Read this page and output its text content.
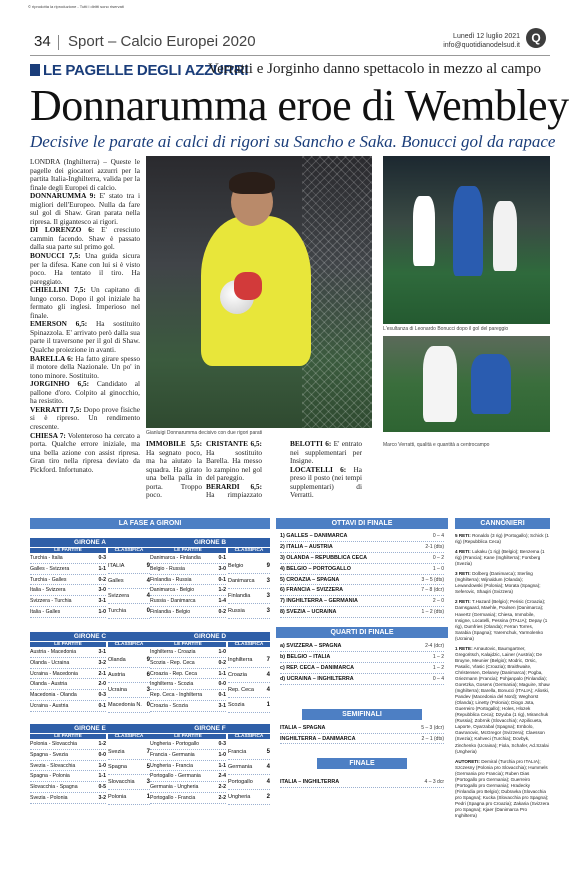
© riprodotta la riproduzione - Tutti i diritti sono riservati
34 Sport – Calcio Europei 2020	Lunedì 12 luglio 2021
info@quotidianodelsud.it
Q
LE PAGELLE DEGLI AZZURRI
Verratti e Jorginho danno spettacolo in mezzo al campo
Donnarumma eroe di Wembley
Decisive le parate ai calci di rigori su Sancho e Saka. Bonucci gol da rapace
LONDRA (Inghilterra) – Queste le pagelle dei giocatori azzurri per la partita Italia-Inghilterra, valida per la finale degli Europei di calcio.
DONNARUMMA 9: E' stato tra i migliori dell'Europeo. Nulla da fare sul gol di Shaw. Gran parata nella ripresa. Il gigantesco ai rigori.
DI LORENZO 6: E' cresciuto cammin facendo. Shaw è passato dalla sua parte sul primo gol.
BONUCCI 7,5: Una guida sicura per la difesa. Kane con lui si è visto poco. Ha tentato il tiro. Ha pareggiato.
CHIELLINI 7,5: Un capitano di lungo corso. Dopo il gol iniziale ha fermato gli inglesi. Imperioso nel finale.
EMERSON 6,5: Ha sostituito Spinazzola. E' arrivato però dalla sua parte il traversone per il gol di Shaw. Qualche proiezione in avanti.
BARELLA 6: Ha fatto girare spesso il motore della Nazionale. Un po' in tono minore. Sostituito.
JORGINHO 6,5: Candidato al pallone d'oro. Colpito al ginocchio, ha resistito.
VERRATTI 7,5: Dopo prove fisiche si è ripreso. Un rendimento crescente.
CHIESA 7: Volenteroso ha cercato a porta. Qualche errore iniziale, ma una bella azione con assist ripresa. Gran tiro nella ripresa deviato da Pickford. Infortunato.
Gianluigi Donnarumma decisivo con due rigori parati
L'esultanza di Leonardo Bonucci dopo il gol del pareggio
Marco Verratti, qualità e quantità a centrocampo
IMMOBILE 5,5: Ha segnato poco, ma ha aiutato la squadra. Ha girato una bella palla in porta. Troppo poco.
CRISTANTE 6,5: Ha sostituito Barella. Ha messo lo zampino nel gol del pareggio.
BERARDI 6,5: Ha rimpiazzato
BELOTTI 6: E' entrato nei supplementari per Insigne.
LOCATELLI 6: Ha preso il posto (nei tempi supplementari) di Verratti.
LA FASE A GIRONI
GIRONE A
LE PARTITE	CLASSIFICA
Turchia - Italia	0-3
Galles - Svizzera	1-1
Turchia - Galles	0-2
Italia - Svizzera	3-0
Svizzera - Turchia	3-1
Italia - Galles	1-0
ITALIA	9
Galles	4
Svizzera	4
Turchia	0
GIRONE B
LE PARTITE	CLASSIFICA
Danimarca - Finlandia	0-1
Belgio - Russia	3-0
Finlandia - Russia	0-1
Danimarca - Belgio	1-2
Russia - Danimarca	1-4
Finlandia - Belgio	0-2
Belgio	9
Danimarca 3
Finlandia	3
Russia	3
GIRONE C
LE PARTITE	CLASSIFICA
Austria - Macedonia	3-1
Olanda - Ucraina	3-2
Ucraina - Macedonia	2-1
Olanda - Austria	2-0
Macedonia - Olanda	0-3
Ucraina - Austria	0-1
Olanda	9
Austria	6
Ucraina	3
Macedonia N. 0
GIRONE D
LE PARTITE	CLASSIFICA
Inghilterra - Croazia	1-0
Scozia - Rep. Ceca	0-2
Croazia - Rep. Ceca	1-1
Inghilterra - Scozia	0-0
Rep. Ceca - Inghilterra	0-1
Croazia - Scozia	3-1
Inghilterra 7
Croazia	4
Rep. Ceca 4
Scozia	1
GIRONE E
LE PARTITE	CLASSIFICA
Polonia - Slovacchia	1-2
Spagna - Svezia	0-0
Svezia - Slovacchia	1-0
Spagna - Polonia	1-1
Slovacchia - Spagna	0-5
Svezia - Polonia	3-2
Svezia	7
Spagna	5
Slovacchia 3
Polonia	1
GIRONE F
LE PARTITE	CLASSIFICA
Ungheria - Portogallo	0-3
Francia - Germania	1-0
Ungheria - Francia	1-1
Portogallo - Germania	2-4
Germania - Ungheria	2-2
Portogallo - Francia	2-2
Francia	5
Germania 4
Portogallo 4
Ungheria	2
OTTAVI DI FINALE
1) GALLES – DANIMARCA	0 – 4
2) ITALIA – AUSTRIA	2-1 (dts)
3) OLANDA – REPUBBLICA CECA	0 – 2
4) BELGIO – PORTOGALLO	1 – 0
5) CROAZIA – SPAGNA	3 – 5 (dts)
6) FRANCIA – SVIZZERA	7 – 8 (dcr)
7) INGHILTERRA – GERMANIA	2 – 0
8) SVEZIA – UCRAINA	1 – 2 (dts)
QUARTI DI FINALE
a) SVIZZERA – SPAGNA	2-4 (dcr)
b) BELGIO – ITALIA	1 – 2
c) REP. CECA – DANIMARCA	1 – 2
d) UCRAINA – INGHILTERRA	0 – 4
SEMIFINALI
ITALIA – SPAGNA	5 – 3 (dcr)
INGHILTERRA – DANIMARCA	2 – 1 (dts)
FINALE
ITALIA – INGHILTERRA	4 – 3 dcr
CANNONIERI

5 RETI: Ronaldo (3 rig) (Portogallo); Schick (1 rig) (Repubblica Ceca)

4 RETI: Lukaku (1 rig) (Belgio); Benzema (1 rig) (Francia); Kane (Inghilterra); Forsberg (Svezia)

3 RETI: Dolberg (Danimarca); Sterling (Inghilterra); Wijnaldum (Olanda); Lewandowski (Polonia); Morata (Spagna); Seferovic, Shaqiri (Svizzera)

2 RETI: T.Hazard (Belgio); Perisic (Croazia); Damsgaard, Maehle, Poulsen (Danimarca); Havertz (Germania); Chiesa, Immobile, Insigne, Locatelli, Pessina (ITALIA); Depay (1 rig), Dumfries (Olanda); Ferran Torres, Sarabia (Spagna); Yaremchuk, Yarmolenko (Ucraina)

1 RETE: Arnautovic, Baumgartner, Gregoritsch, Kalajdzic, Lainer (Austria); De Bruyne, Meunier (Belgio); Modric, Orsic, Pasalic, Vlasic (Croazia); Braithwaite, Christensen, Delaney (Danimarca); Pogba, Griezmann (Francia); Pohjanpalo (Finlandia); Goretzka, Gosens (Germania); Maguire, Shaw (Inghilterra); Barella, Bonucci (ITALIA); Alioski, Pandev (Macedonia del Nord); Weghorst (Olanda); Linetty (Polonia); Diogo Jota, Guerreiro (Portogallo); Holes, Hlozek (Repubblica Ceca); Dzyuba (1 rig), Miranchuk (Russia); Zobrnik (Slovacchia); Azpilicueta, Laporte, Oyarzabal (Spagna); Embolo, Gavranovic, McGregor (Svizzera); Claesson (Svezia); Kahveci (Turchia); Dovbyk, Zinchenko (Ucraina); Fiola, Schafer, Ad.Szalai (Ungheria)

AUTORETI: Demiral (Turchia pro ITALIA); Szczesny (Polonia pro Slovacchia); Hummels (Germania pro Francia); Ruben Dias (Portogallo pro Germania); Guerreiro (Portogallo pro Germania); Hradecky (Finlandia pro Belgio); Dubravka (Slovacchia pro Spagna); Kucka (Slovacchia pro Spagna); Pedri (Spagna pro Croazia); Zakaria (Svizzera pro Spagna); Kjaer (Danimarca Pro Inghilterra)
